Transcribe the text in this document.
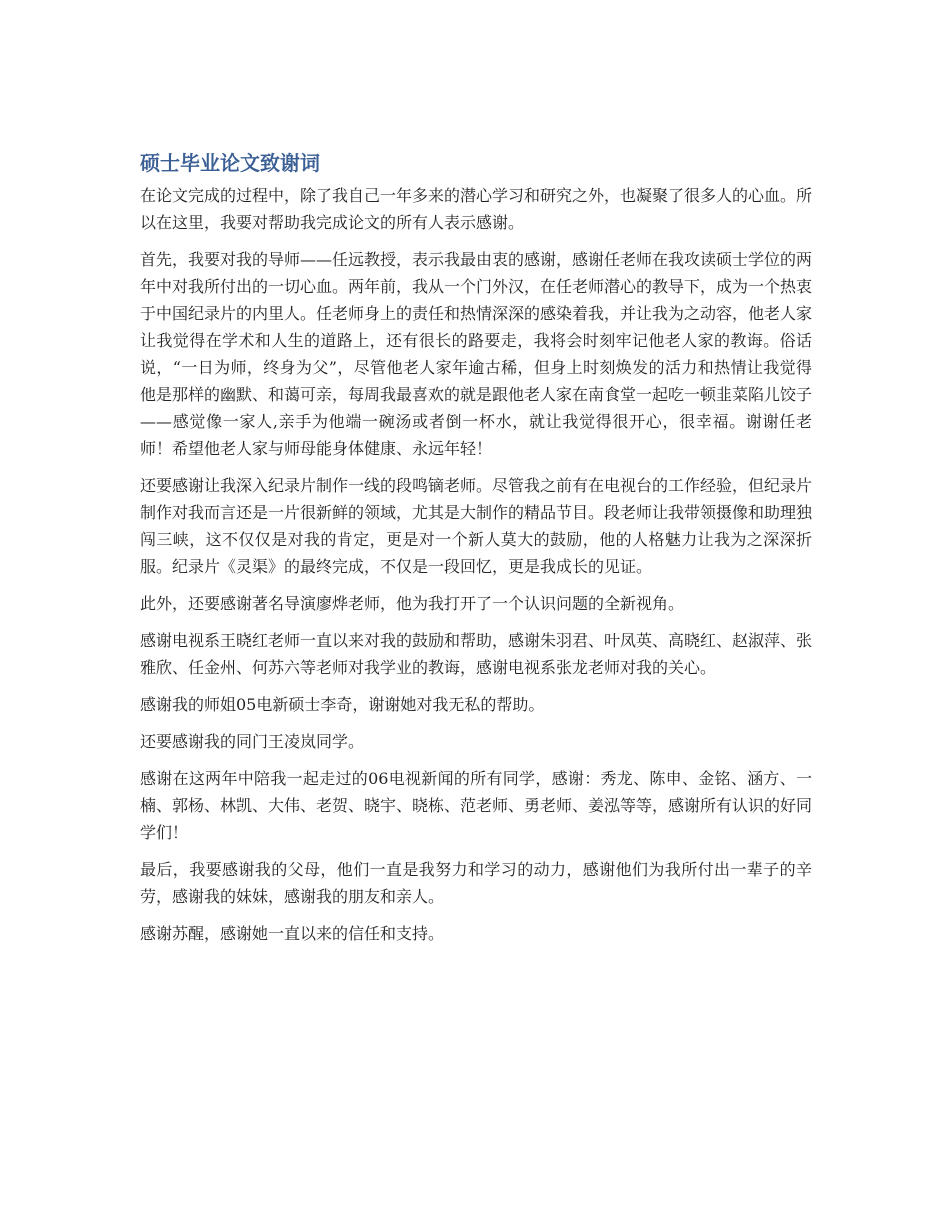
硕士毕业论文致谢词

在论文完成的过程中，除了我自己一年多来的潜心学习和研究之外，也凝聚了很多人的心血。所以在这里，我要对帮助我完成论文的所有人表示感谢。

首先，我要对我的导师——任远教授，表示我最由衷的感谢，感谢任老师在我攻读硕士学位的两年中对我所付出的一切心血。两年前，我从一个门外汉，在任老师潜心的教导下，成为一个热衷于中国纪录片的内里人。任老师身上的责任和热情深深的感染着我，并让我为之动容，他老人家让我觉得在学术和人生的道路上，还有很长的路要走，我将会时刻牢记他老人家的教诲。俗话说，“一日为师，终身为父”，尽管他老人家年逾古稀，但身上时刻焕发的活力和热情让我觉得他是那样的幽默、和蔼可亲，每周我最喜欢的就是跟他老人家在南食堂一起吃一顿韭菜陷儿饺子——感觉像一家人,亲手为他端一碗汤或者倒一杯水，就让我觉得很开心，很幸福。谢谢任老师！希望他老人家与师母能身体健康、永远年轻！

还要感谢让我深入纪录片制作一线的段鸣镝老师。尽管我之前有在电视台的工作经验，但纪录片制作对我而言还是一片很新鲜的领域，尤其是大制作的精品节目。段老师让我带领摄像和助理独闯三峡，这不仅仅是对我的肯定，更是对一个新人莫大的鼓励，他的人格魅力让我为之深深折服。纪录片《灵渠》的最终完成，不仅是一段回忆，更是我成长的见证。

此外，还要感谢著名导演廖烨老师，他为我打开了一个认识问题的全新视角。

感谢电视系王晓红老师一直以来对我的鼓励和帮助，感谢朱羽君、叶凤英、高晓红、赵淑萍、张雅欣、任金州、何苏六等老师对我学业的教诲，感谢电视系张龙老师对我的关心。

感谢我的师姐05电新硕士李奇，谢谢她对我无私的帮助。

还要感谢我的同门王凌岚同学。

感谢在这两年中陪我一起走过的06电视新闻的所有同学，感谢：秀龙、陈申、金铭、涵方、一楠、郭杨、林凯、大伟、老贺、晓宇、晓栋、范老师、勇老师、姜泓等等，感谢所有认识的好同学们！

最后，我要感谢我的父母，他们一直是我努力和学习的动力，感谢他们为我所付出一辈子的辛劳，感谢我的妹妹，感谢我的朋友和亲人。

感谢苏醒，感谢她一直以来的信任和支持。
